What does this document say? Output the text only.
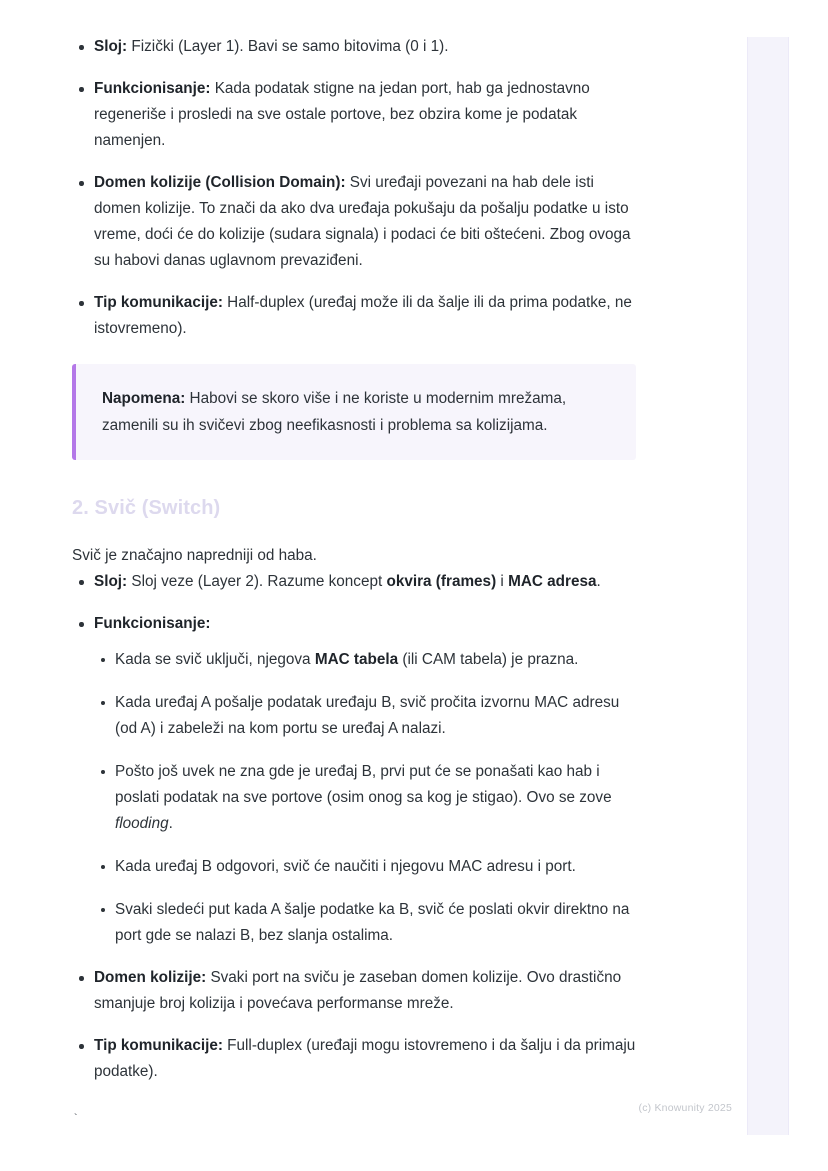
Sloj: Fizički (Layer 1). Bavi se samo bitovima (0 i 1).
Funkcionisanje: Kada podatak stigne na jedan port, hab ga jednostavno regeneriše i prosledi na sve ostale portove, bez obzira kome je podatak namenjen.
Domen kolizije (Collision Domain): Svi uređaji povezani na hab dele isti domen kolizije. To znači da ako dva uređaja pokušaju da pošalju podatke u isto vreme, doći će do kolizije (sudara signala) i podaci će biti oštećeni. Zbog ovoga su habovi danas uglavnom prevaziđeni.
Tip komunikacije: Half-duplex (uređaj može ili da šalje ili da prima podatke, ne istovremeno).

Napomena: Habovi se skoro više i ne koriste u modernim mrežama, zamenili su ih svičevi zbog neefikasnosti i problema sa kolizijama.

2. Svič (Switch)

Svič je značajno napredniji od haba.

Sloj: Sloj veze (Layer 2). Razume koncept okvira (frames) i MAC adresa.
Funkcionisanje:
Kada se svič uključi, njegova MAC tabela (ili CAM tabela) je prazna.
Kada uređaj A pošalje podatak uređaju B, svič pročita izvornu MAC adresu (od A) i zabeleži na kom portu se uređaj A nalazi.
Pošto još uvek ne zna gde je uređaj B, prvi put će se ponašati kao hab i poslati podatak na sve portove (osim onog sa kog je stigao). Ovo se zove flooding.
Kada uređaj B odgovori, svič će naučiti i njegovu MAC adresu i port.
Svaki sledeći put kada A šalje podatke ka B, svič će poslati okvir direktno na port gde se nalazi B, bez slanja ostalima.
Domen kolizije: Svaki port na sviču je zaseban domen kolizije. Ovo drastično smanjuje broj kolizija i povećava performanse mreže.
Tip komunikacije: Full-duplex (uređaji mogu istovremeno i da šalju i da primaju podatke).
`
(c) Knowunity 2025
